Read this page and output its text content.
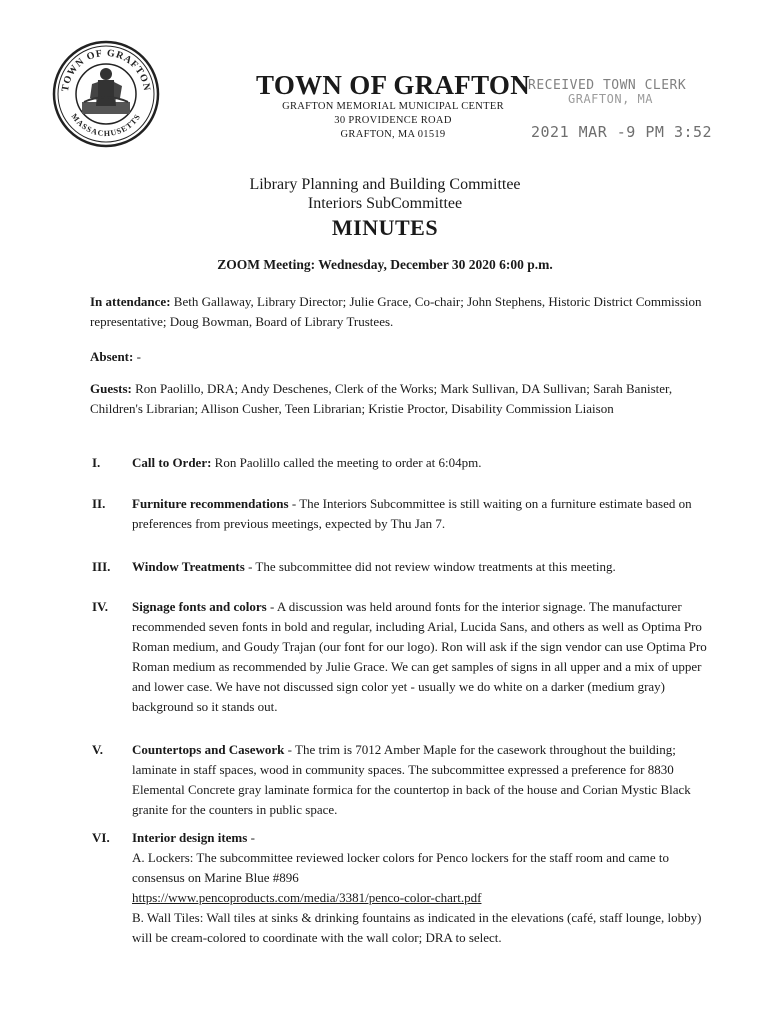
TOWN OF GRAFTON
MASSACHUSETTS
TOWN OF GRAFTON
GRAFTON MEMORIAL MUNICIPAL CENTER
30 PROVIDENCE ROAD
GRAFTON, MA 01519
RECEIVED TOWN CLERK
GRAFTON, MA
2021 MAR -9 PM 3:52
Library Planning and Building Committee
Interiors SubCommittee
MINUTES
ZOOM Meeting: Wednesday, December 30 2020 6:00 p.m.
In attendance: Beth Gallaway, Library Director; Julie Grace, Co-chair; John Stephens, Historic District Commission representative; Doug Bowman, Board of Library Trustees.
Absent: -
Guests: Ron Paolillo, DRA; Andy Deschenes, Clerk of the Works; Mark Sullivan, DA Sullivan; Sarah Banister, Children's Librarian; Allison Cusher, Teen Librarian; Kristie Proctor, Disability Commission Liaison
I.	Call to Order: Ron Paolillo called the meeting to order at 6:04pm.
II.	Furniture recommendations - The Interiors Subcommittee is still waiting on a furniture estimate based on preferences from previous meetings, expected by Thu Jan 7.
III.	Window Treatments - The subcommittee did not review window treatments at this meeting.
IV.	Signage fonts and colors - A discussion was held around fonts for the interior signage. The manufacturer recommended seven fonts in bold and regular, including Arial, Lucida Sans, and others as well as Optima Pro Roman medium, and Goudy Trajan (our font for our logo). Ron will ask if the sign vendor can use Optima Pro Roman medium as recommended by Julie Grace. We can get samples of signs in all upper and a mix of upper and lower case. We have not discussed sign color yet - usually we do white on a darker (medium gray) background so it stands out.
V.	Countertops and Casework - The trim is 7012 Amber Maple for the casework throughout the building; laminate in staff spaces, wood in community spaces. The subcommittee expressed a preference for 8830 Elemental Concrete gray laminate formica for the countertop in back of the house and Corian Mystic Black granite for the counters in public space.
VI.	Interior design items -
A. Lockers: The subcommittee reviewed locker colors for Penco lockers for the staff room and came to consensus on Marine Blue #896
https://www.pencoproducts.com/media/3381/penco-color-chart.pdf
B. Wall Tiles: Wall tiles at sinks & drinking fountains as indicated in the elevations (café, staff lounge, lobby) will be cream-colored to coordinate with the wall color; DRA to select.
